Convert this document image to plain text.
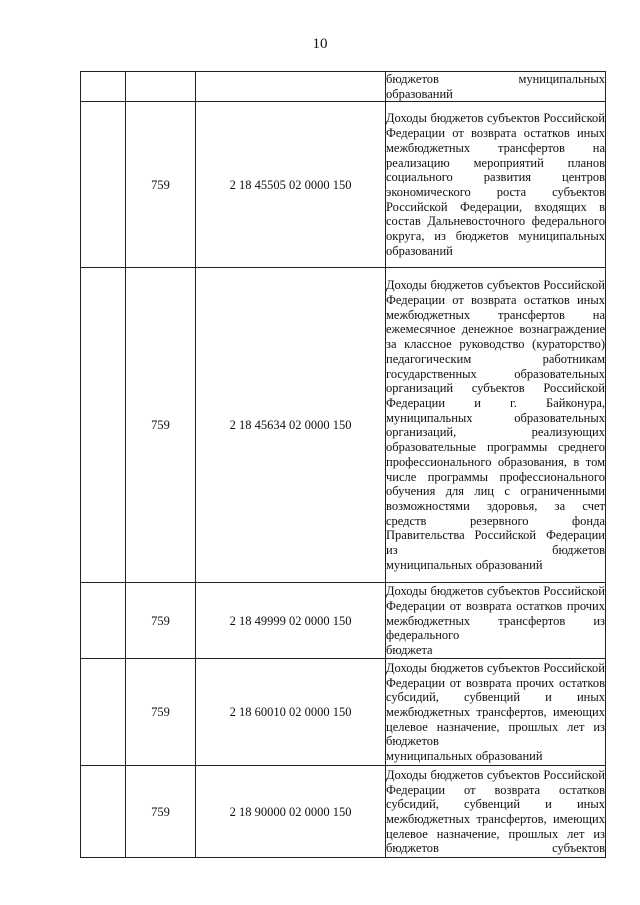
10

			бюджетов муниципальных
образований

	759	2 18 45505 02 0000 150	Доходы бюджетов субъектов Российской Федерации от возврата остатков иных межбюджетных трансфертов на реализацию мероприятий планов социального развития центров экономического роста субъектов Российской Федерации, входящих в состав Дальневосточного федерального округа, из бюджетов муниципальных
образований

	759	2 18 45634 02 0000 150	Доходы бюджетов субъектов Российской Федерации от возврата остатков иных межбюджетных трансфертов на ежемесячное денежное вознаграждение за классное руководство (кураторство) педагогическим работникам государственных образовательных организаций субъектов Российской Федерации и г. Байконура, муниципальных образовательных организаций, реализующих образовательные программы среднего профессионального образования, в том числе программы профессионального обучения для лиц с ограниченными возможностями здоровья, за счет средств резервного фонда Правительства Российской Федерации из бюджетов
муниципальных образований

	759	2 18 49999 02 0000 150	Доходы бюджетов субъектов Российской Федерации от возврата остатков прочих межбюджетных трансфертов из федерального
бюджета

	759	2 18 60010 02 0000 150	Доходы бюджетов субъектов Российской Федерации от возврата прочих остатков субсидий, субвенций и иных межбюджетных трансфертов, имеющих целевое назначение, прошлых лет из бюджетов
муниципальных образований

	759	2 18 90000 02 0000 150	Доходы бюджетов субъектов Российской Федерации от возврата остатков субсидий, субвенций и иных межбюджетных трансфертов, имеющих целевое назначение, прошлых лет из бюджетов субъектов
